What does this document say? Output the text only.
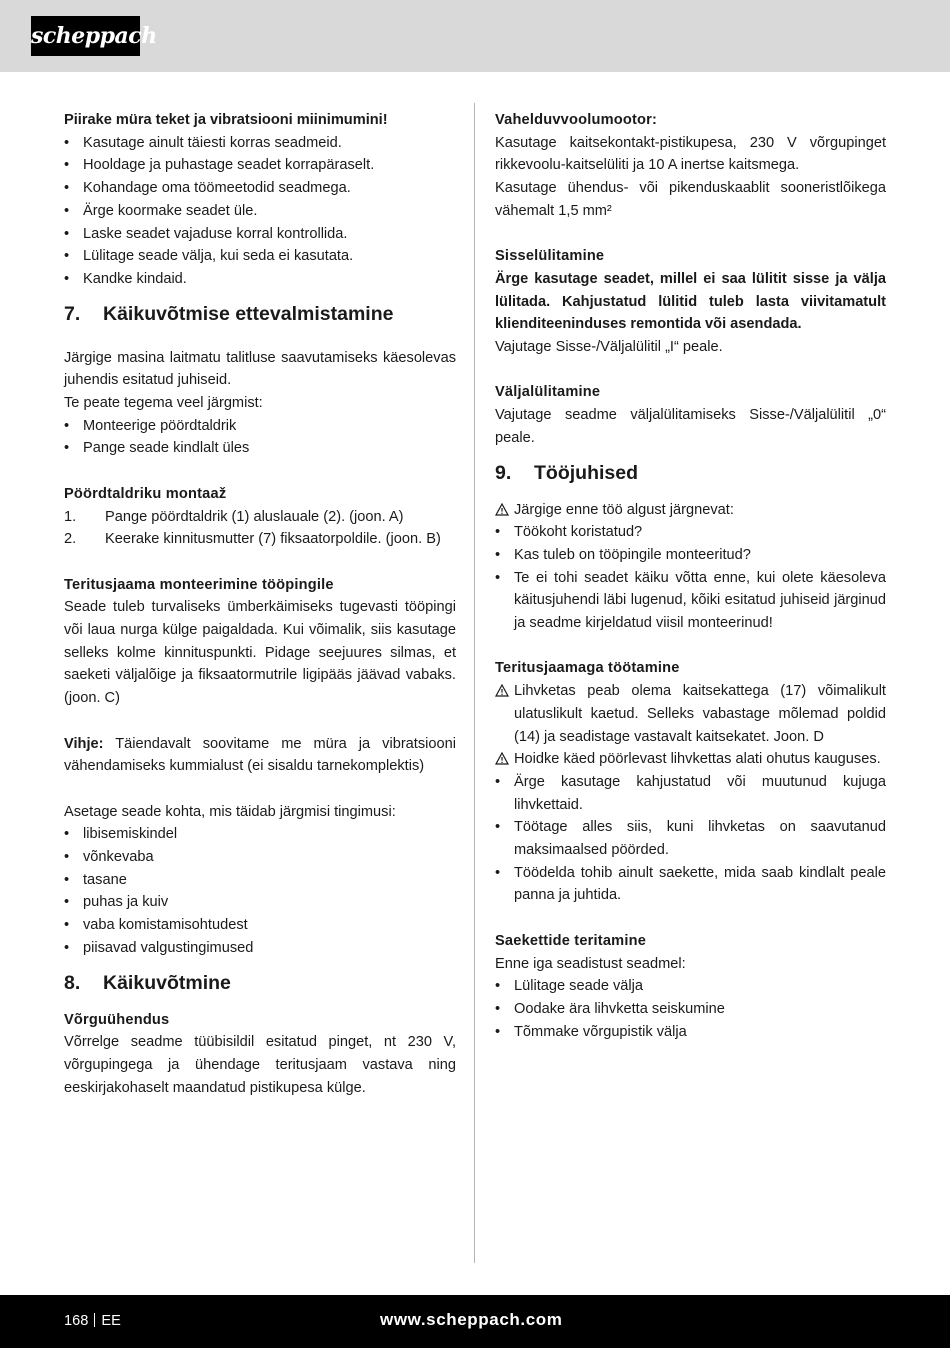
scheppach

Piirake müra teket ja vibratsiooni miinimumini!

• Kasutage ainult täiesti korras seadmeid.
• Hooldage ja puhastage seadet korrapäraselt.
• Kohandage oma töömeetodid seadmega.
• Ärge koormake seadet üle.
• Laske seadet vajaduse korral kontrollida.
• Lülitage seade välja, kui seda ei kasutata.
• Kandke kindaid.
7. Käikuvõtmise ettevalmistamine

Järgige masina laitmatu talitluse saavutamiseks käesolevas juhendis esitatud juhiseid.

Te peate tegema veel järgmist:

• Monteerige pöördtaldrik
• Pange seade kindlalt üles

Pöördtaldriku montaaž

1. Pange pöördtaldrik (1) aluslauale (2). (joon. A)
2. Keerake kinnitusmutter (7) fiksaatorpoldile. (joon. B)

Teritusjaama monteerimine tööpingile

Seade tuleb turvaliseks ümberkäimiseks tugevasti tööpingi või laua nurga külge paigaldada. Kui võimalik, siis kasutage selleks kolme kinnituspunkti. Pidage seejuures silmas, et saeketi väljalõige ja fiksaatormutrile ligipääs jäävad vabaks. (joon. C)

Vihje: Täiendavalt soovitame me müra ja vibratsiooni vähendamiseks kummialust (ei sisaldu tarnekomplektis)

Asetage seade kohta, mis täidab järgmisi tingimusi:

• libisemiskindel
• võnkevaba
• tasane
• puhas ja kuiv
• vaba komistamisohtudest
• piisavad valgustingimused
8. Käikuvõtmine

Võrguühendus

Võrrelge seadme tüübisildil esitatud pinget, nt 230 V, võrgupingega ja ühendage teritusjaam vastava ning eeskirjakohaselt maandatud pistikupesa külge.

Vahelduvvoolumootor:

Kasutage kaitsekontakt-pistikupesa, 230 V võrgupinget rikkevoolu-kaitselüliti ja 10 A inertse kaitsmega.

Kasutage ühendus- või pikenduskaablit sooneristlõikega vähemalt 1,5 mm²

Sisselülitamine

Ärge kasutage seadet, millel ei saa lülitit sisse ja välja lülitada. Kahjustatud lülitid tuleb lasta viivitamatult klienditeeninduses remontida või asendada.

Vajutage Sisse-/Väljalülitil „I“ peale.

Väljalülitamine

Vajutage seadme väljalülitamiseks Sisse-/Väljalülitil „0“ peale.

9. Tööjuhised
Järgige enne töö algust järgnevat:
• Töökoht koristatud?
• Kas tuleb on tööpingile monteeritud?
• Te ei tohi seadet käiku võtta enne, kui olete käesoleva käitusjuhendi läbi lugenud, kõiki esitatud juhiseid järginud ja seadme kirjeldatud viisil monteerinud!

Teritusjaamaga töötamine

Lihvketas peab olema kaitsekattega (17) võimalikult ulatuslikult kaetud. Selleks vabastage mõlemad poldid (14) ja seadistage vastavalt kaitsekatet. Joon. D
Hoidke käed pöörlevast lihvkettas alati ohutus kauguses.
• Ärge kasutage kahjustatud või muutunud kujuga lihvkettaid.
• Töötage alles siis, kuni lihvketas on saavutanud maksimaalsed pöörded.
• Töödelda tohib ainult saekette, mida saab kindlalt peale panna ja juhtida.

Saekettide teritamine

Enne iga seadistust seadmel:

• Lülitage seade välja
• Oodake ära lihvketta seiskumine
• Tõmmake võrgupistik välja
168 EE	www.scheppach.com
